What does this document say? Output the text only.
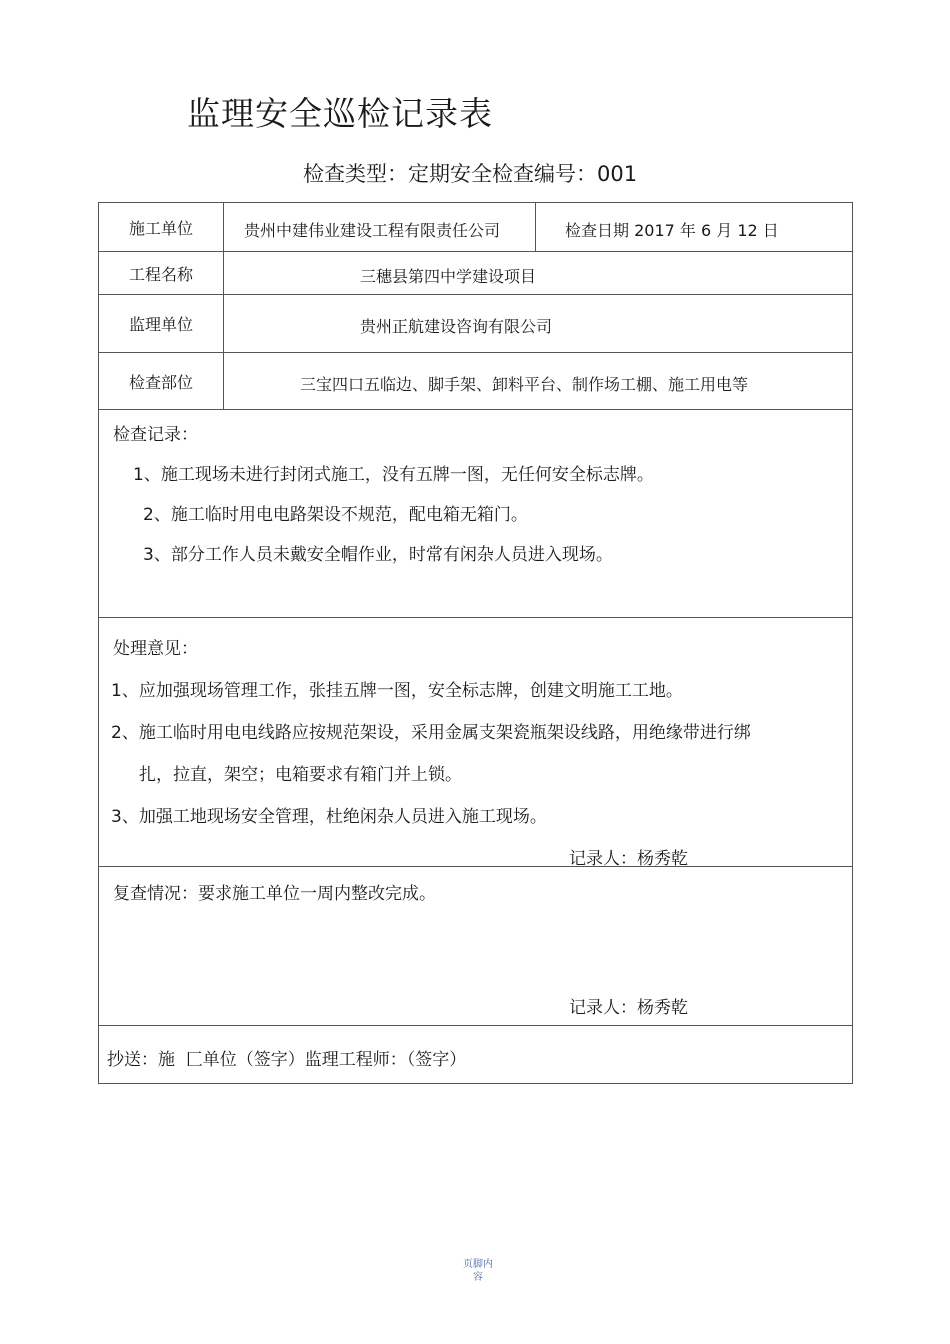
监理安全巡检记录表
检查类型：定期安全检查编号：001
施工单位	贵州中建伟业建设工程有限责任公司	检查日期 2017 年 6 月 12 日
工程名称	三穗县第四中学建设项目
监理单位	贵州正航建设咨询有限公司
检查部位	三宝四口五临边、脚手架、卸料平台、制作场工棚、施工用电等
检查记录：
1、施工现场未进行封闭式施工，没有五牌一图，无任何安全标志牌。
2、施工临时用电电路架设不规范，配电箱无箱门。
3、部分工作人员未戴安全帽作业，时常有闲杂人员进入现场。
处理意见：
1、应加强现场管理工作，张挂五牌一图，安全标志牌，创建文明施工工地。
2、施工临时用电电线路应按规范架设，采用金属支架瓷瓶架设线路，用绝缘带进行绑
扎，拉直，架空；电箱要求有箱门并上锁。
3、加强工地现场安全管理，杜绝闲杂人员进入施工现场。
记录人：杨秀乾
复查情况：要求施工单位一周内整改完成。
记录人：杨秀乾
抄送：施  匚单位（签字）监理工程师：（签字）
页脚内
容
